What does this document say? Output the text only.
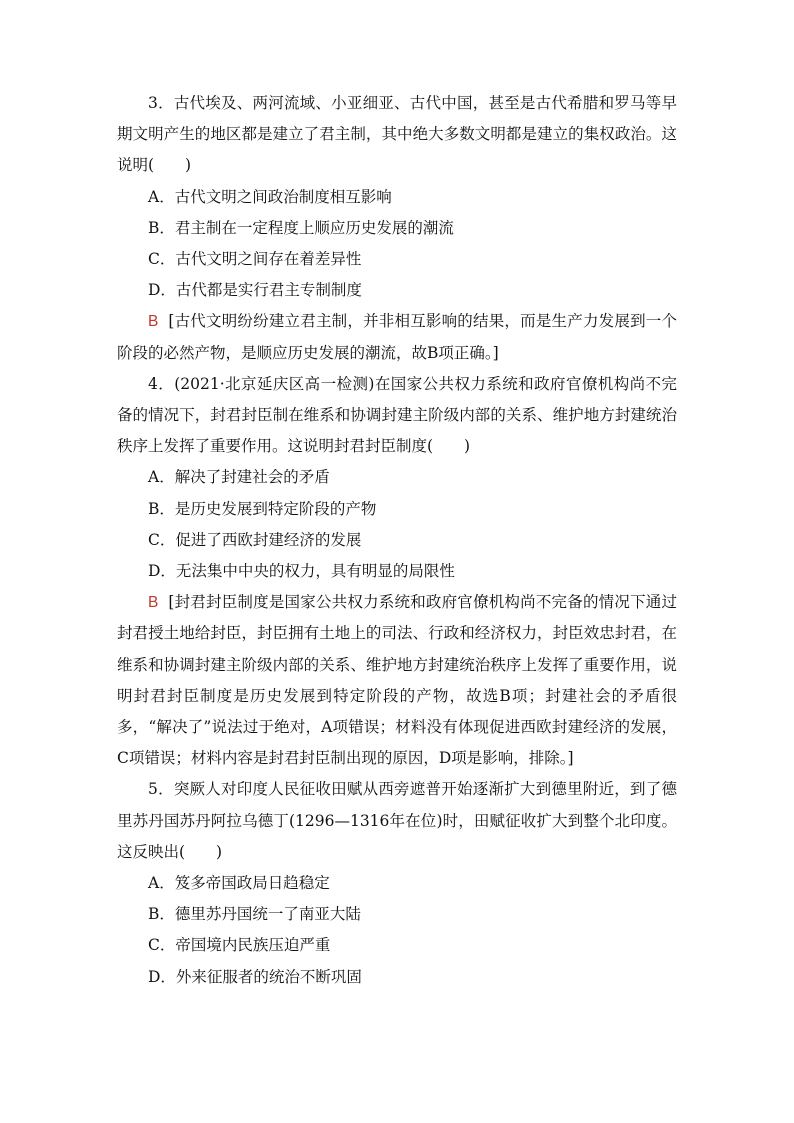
3．古代埃及、两河流域、小亚细亚、古代中国，甚至是古代希腊和罗马等早期文明产生的地区都是建立了君主制，其中绝大多数文明都是建立的集权政治。这说明(　　)

A．古代文明之间政治制度相互影响

B．君主制在一定程度上顺应历史发展的潮流

C．古代文明之间存在着差异性

D．古代都是实行君主专制制度

B [古代文明纷纷建立君主制，并非相互影响的结果，而是生产力发展到一个阶段的必然产物，是顺应历史发展的潮流，故B项正确。]

4．(2021·北京延庆区高一检测)在国家公共权力系统和政府官僚机构尚不完备的情况下，封君封臣制在维系和协调封建主阶级内部的关系、维护地方封建统治秩序上发挥了重要作用。这说明封君封臣制度(　　)

A．解决了封建社会的矛盾

B．是历史发展到特定阶段的产物

C．促进了西欧封建经济的发展

D．无法集中中央的权力，具有明显的局限性

B [封君封臣制度是国家公共权力系统和政府官僚机构尚不完备的情况下通过封君授土地给封臣，封臣拥有土地上的司法、行政和经济权力，封臣效忠封君，在维系和协调封建主阶级内部的关系、维护地方封建统治秩序上发挥了重要作用，说明封君封臣制度是历史发展到特定阶段的产物，故选B项；封建社会的矛盾很多，“解决了”说法过于绝对，A项错误；材料没有体现促进西欧封建经济的发展，C项错误；材料内容是封君封臣制出现的原因，D项是影响，排除。]

5．突厥人对印度人民征收田赋从西旁遮普开始逐渐扩大到德里附近，到了德里苏丹国苏丹阿拉乌德丁(1296—1316年在位)时，田赋征收扩大到整个北印度。这反映出(　　)

A．笈多帝国政局日趋稳定

B．德里苏丹国统一了南亚大陆

C．帝国境内民族压迫严重

D．外来征服者的统治不断巩固
